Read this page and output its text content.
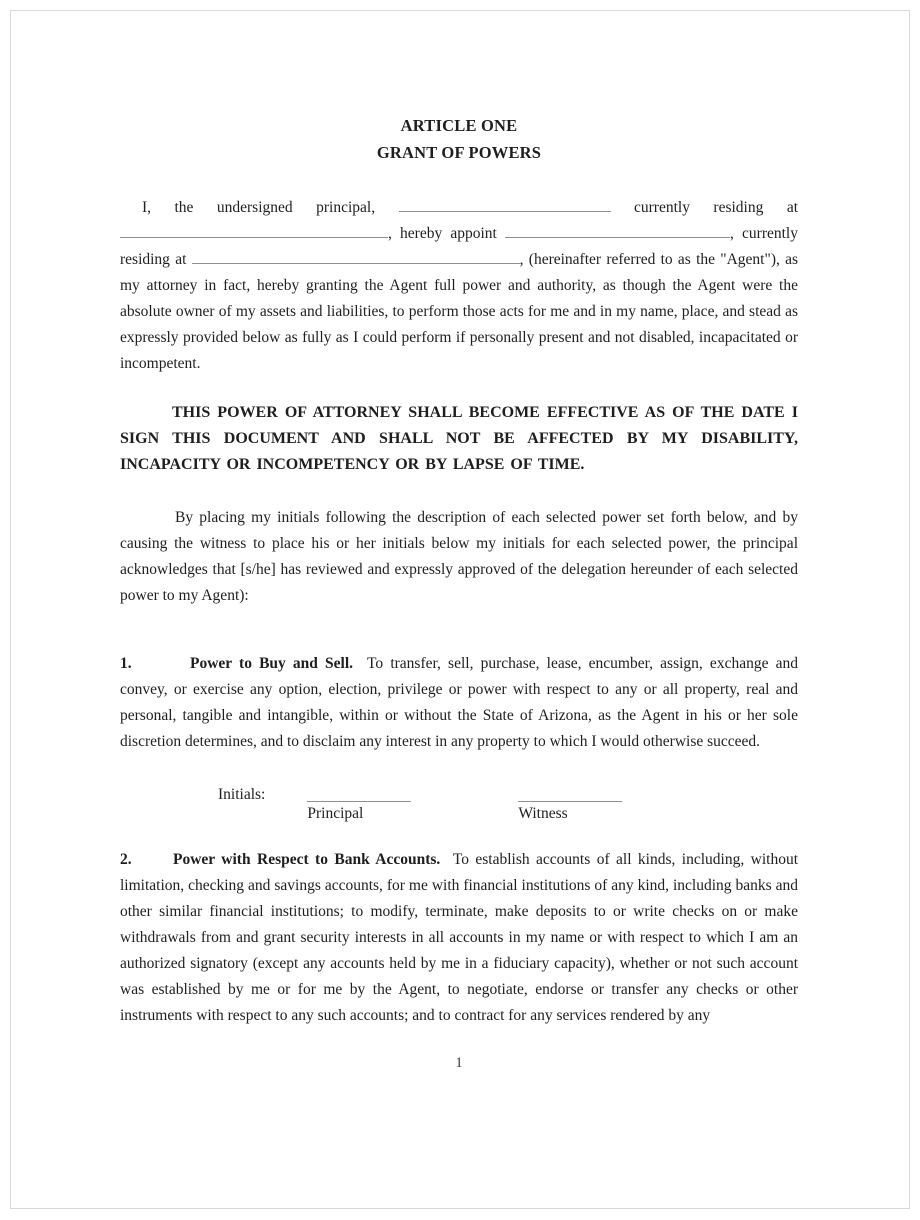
ARTICLE ONE
GRANT OF POWERS

I, the undersigned principal,	currently residing at , hereby appoint	, currently residing at	, (hereinafter referred to as the "Agent"), as my attorney in fact, hereby granting the Agent full power and authority, as though the Agent were the absolute owner of my assets and liabilities, to perform those acts for me and in my name, place, and stead as expressly provided below as fully as I could perform if personally present and not disabled, incapacitated or incompetent.

THIS POWER OF ATTORNEY SHALL BECOME EFFECTIVE AS OF THE DATE I SIGN THIS DOCUMENT AND SHALL NOT BE AFFECTED BY MY DISABILITY, INCAPACITY OR INCOMPETENCY OR BY LAPSE OF TIME.

By placing my initials following the description of each selected power set forth below, and by causing the witness to place his or her initials below my initials for each selected power, the principal acknowledges that [s/he] has reviewed and expressly approved of the delegation hereunder of each selected power to my Agent):

1.	Power to Buy and Sell. To transfer, sell, purchase, lease, encumber, assign, exchange and convey, or exercise any option, election, privilege or power with respect to any or all property, real and personal, tangible and intangible, within or without the State of Arizona, as the Agent in his or her sole discretion determines, and to disclaim any interest in any property to which I would otherwise succeed.

Initials:
Principal	Witness

2.	Power with Respect to Bank Accounts. To establish accounts of all kinds, including, without limitation, checking and savings accounts, for me with financial institutions of any kind, including banks and other similar financial institutions; to modify, terminate, make deposits to or write checks on or make withdrawals from and grant security interests in all accounts in my name or with respect to which I am an authorized signatory (except any accounts held by me in a fiduciary capacity), whether or not such account was established by me or for me by the Agent, to negotiate, endorse or transfer any checks or other instruments with respect to any such accounts; and to contract for any services rendered by any

1
